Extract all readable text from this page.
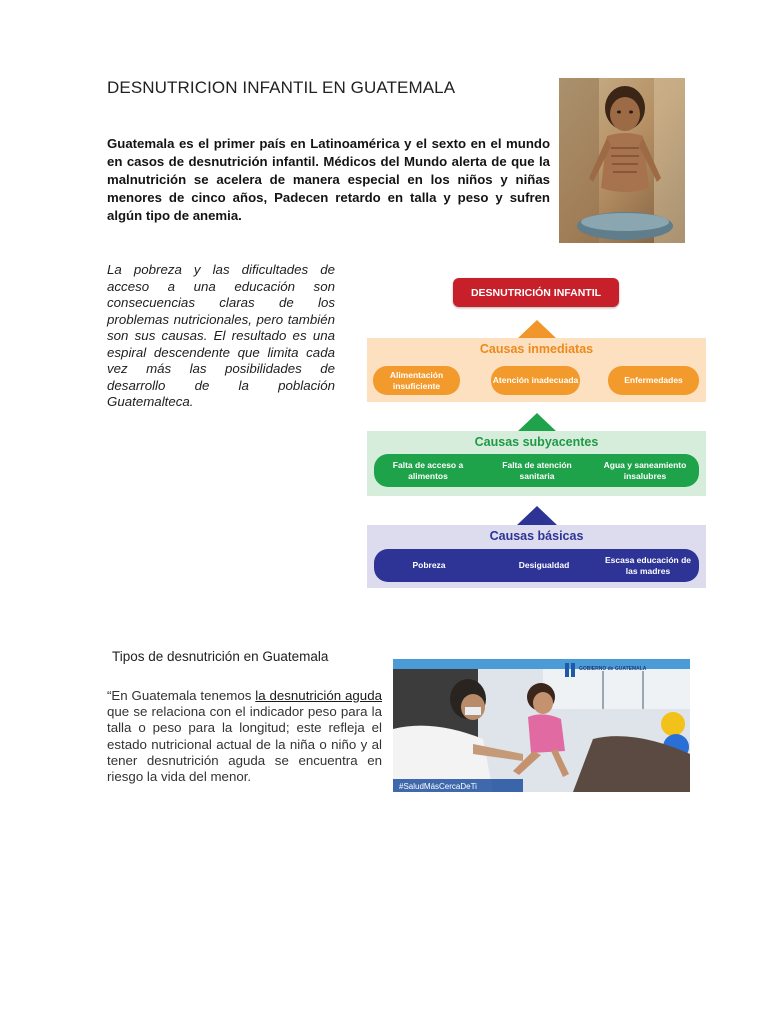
DESNUTRICION INFANTIL EN GUATEMALA
Guatemala es el primer país en Latinoamérica y el sexto en el mundo en casos de desnutrición infantil. Médicos del Mundo alerta de que la malnutrición se acelera de manera especial en los niños y niñas menores de cinco años, Padecen retardo en talla y peso y sufren algún tipo de anemia.
La pobreza y las dificultades de acceso a una educación son consecuencias claras de los problemas nutricionales, pero también son sus causas. El resultado es una espiral descendente que limita cada vez más las posibilidades de desarrollo de la población Guatemalteca.
DESNUTRICIÓN INFANTIL
Causas inmediatas
Alimentación insuficiente
Atención inadecuada	Enfermedades
Causas subyacentes
Falta de acceso a alimentos
Falta de atención sanitaria
Agua y saneamiento insalubres
Causas básicas
Pobreza	Desigualdad
Escasa educación de las madres
Tipos de desnutrición en Guatemala
“En Guatemala tenemos la desnutrición aguda que se relaciona con el indicador peso para la talla o peso para la longitud; este refleja el estado nutricional actual de la niña o niño y al tener desnutrición aguda se encuentra en riesgo la vida del menor.
GOBIERNO de GUATEMALA
#SaludMásCercaDeTi
